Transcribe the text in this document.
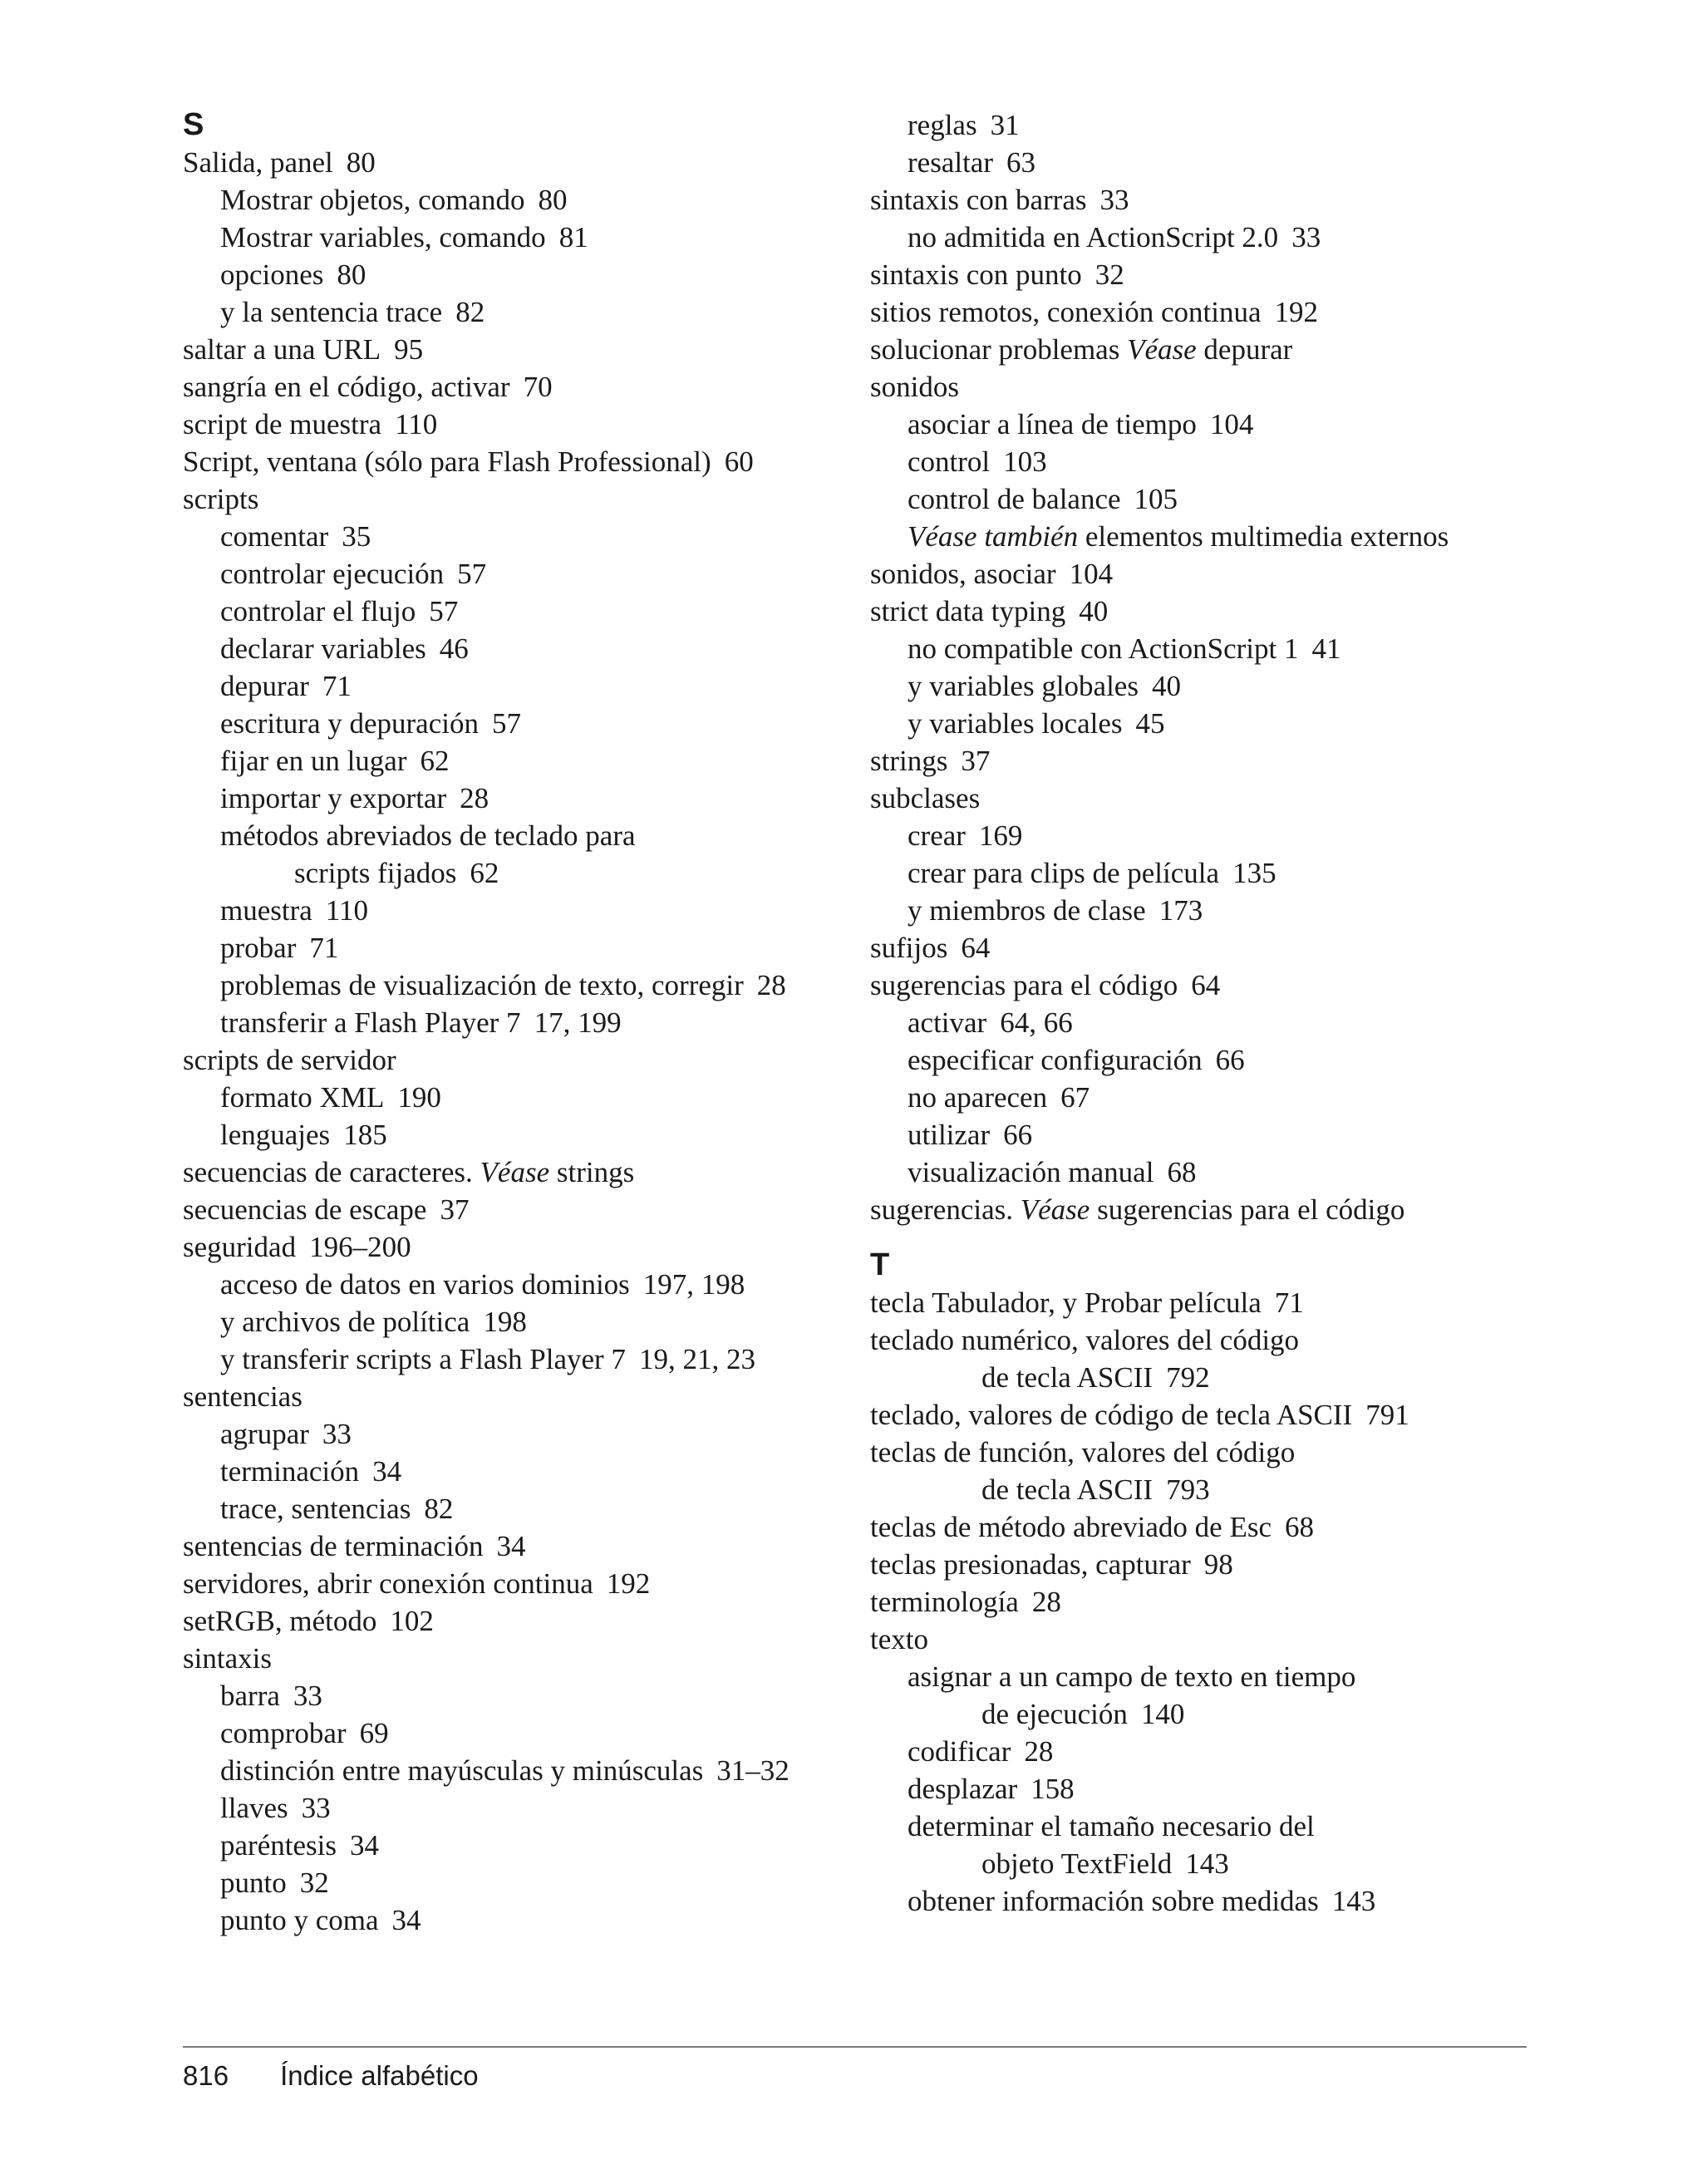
S
Salida, panel 80
Mostrar objetos, comando 80
Mostrar variables, comando 81
opciones 80
y la sentencia trace 82
saltar a una URL 95
sangría en el código, activar 70
script de muestra 110
Script, ventana (sólo para Flash Professional) 60
scripts
comentar 35
controlar ejecución 57
controlar el flujo 57
declarar variables 46
depurar 71
escritura y depuración 57
fijar en un lugar 62
importar y exportar 28
métodos abreviados de teclado para
scripts fijados 62
muestra 110
probar 71
problemas de visualización de texto, corregir 28
transferir a Flash Player 7 17, 199
scripts de servidor
formato XML 190
lenguajes 185
secuencias de caracteres. Véase strings
secuencias de escape 37
seguridad 196–200
acceso de datos en varios dominios 197, 198
y archivos de política 198
y transferir scripts a Flash Player 7 19, 21, 23
sentencias
agrupar 33
terminación 34
trace, sentencias 82
sentencias de terminación 34
servidores, abrir conexión continua 192
setRGB, método 102
sintaxis
barra 33
comprobar 69
distinción entre mayúsculas y minúsculas 31–32
llaves 33
paréntesis 34
punto 32
punto y coma 34
reglas 31
resaltar 63
sintaxis con barras 33
no admitida en ActionScript 2.0 33
sintaxis con punto 32
sitios remotos, conexión continua 192
solucionar problemas Véase depurar
sonidos
asociar a línea de tiempo 104
control 103
control de balance 105
Véase también elementos multimedia externos
sonidos, asociar 104
strict data typing 40
no compatible con ActionScript 1 41
y variables globales 40
y variables locales 45
strings 37
subclases
crear 169
crear para clips de película 135
y miembros de clase 173
sufijos 64
sugerencias para el código 64
activar 64, 66
especificar configuración 66
no aparecen 67
utilizar 66
visualización manual 68
sugerencias. Véase sugerencias para el código
T
tecla Tabulador, y Probar película 71
teclado numérico, valores del código
de tecla ASCII 792
teclado, valores de código de tecla ASCII 791
teclas de función, valores del código
de tecla ASCII 793
teclas de método abreviado de Esc 68
teclas presionadas, capturar 98
terminología 28
texto
asignar a un campo de texto en tiempo
de ejecución 140
codificar 28
desplazar 158
determinar el tamaño necesario del
objeto TextField 143
obtener información sobre medidas 143
816 Índice alfabético
